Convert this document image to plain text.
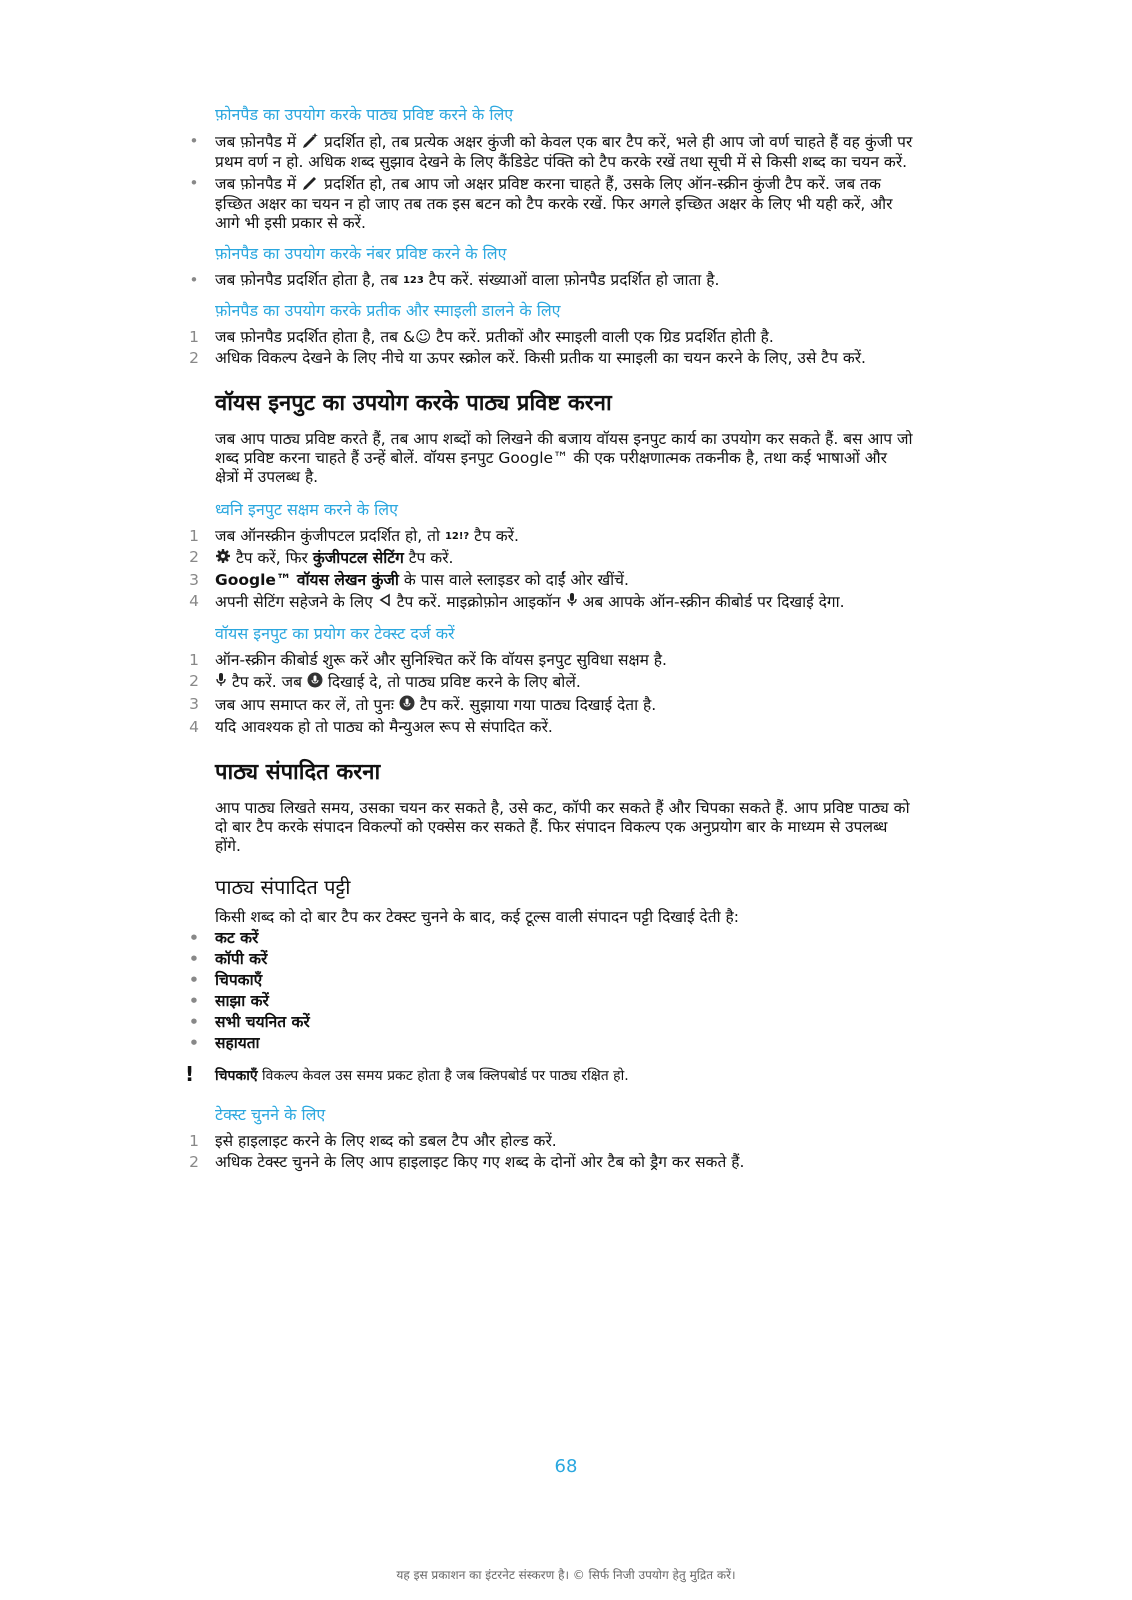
फ़ोनपैड का उपयोग करके पाठ्य प्रविष्ट करने के लिए
• जब फ़ोनपैड में प्रदर्शित हो, तब प्रत्येक अक्षर कुंजी को केवल एक बार टैप करें, भले ही आप जो वर्ण चाहते हैं वह कुंजी पर प्रथम वर्ण न हो. अधिक शब्द सुझाव देखने के लिए कैंडिडेट पंक्ति को टैप करके रखें तथा सूची में से किसी शब्द का चयन करें.
• जब फ़ोनपैड में प्रदर्शित हो, तब आप जो अक्षर प्रविष्ट करना चाहते हैं, उसके लिए ऑन-स्क्रीन कुंजी टैप करें. जब तक इच्छित अक्षर का चयन न हो जाए तब तक इस बटन को टैप करके रखें. फिर अगले इच्छित अक्षर के लिए भी यही करें, और आगे भी इसी प्रकार से करें.
फ़ोनपैड का उपयोग करके नंबर प्रविष्ट करने के लिए
• जब फ़ोनपैड प्रदर्शित होता है, तब 123 टैप करें. संख्याओं वाला फ़ोनपैड प्रदर्शित हो जाता है.
फ़ोनपैड का उपयोग करके प्रतीक और स्माइली डालने के लिए
1 जब फ़ोनपैड प्रदर्शित होता है, तब &☺ टैप करें. प्रतीकों और स्माइली वाली एक ग्रिड प्रदर्शित होती है.
2 अधिक विकल्प देखने के लिए नीचे या ऊपर स्क्रोल करें. किसी प्रतीक या स्माइली का चयन करने के लिए, उसे टैप करें.
वॉयस इनपुट का उपयोग करके पाठ्य प्रविष्ट करना

जब आप पाठ्य प्रविष्ट करते हैं, तब आप शब्दों को लिखने की बजाय वॉयस इनपुट कार्य का उपयोग कर सकते हैं. बस आप जो शब्द प्रविष्ट करना चाहते हैं उन्हें बोलें. वॉयस इनपुट Google™ की एक परीक्षणात्मक तकनीक है, तथा कई भाषाओं और क्षेत्रों में उपलब्ध है.

ध्वनि इनपुट सक्षम करने के लिए
1 जब ऑनस्क्रीन कुंजीपटल प्रदर्शित हो, तो 12!? टैप करें.
2 टैप करें, फिर कुंजीपटल सेटिंग टैप करें.
3 Google™ वॉयस लेखन कुंजी के पास वाले स्लाइडर को दाईं ओर खींचें.
4 अपनी सेटिंग सहेजने के लिए टैप करें. माइक्रोफ़ोन आइकॉन अब आपके ऑन-स्क्रीन कीबोर्ड पर दिखाई देगा.
वॉयस इनपुट का प्रयोग कर टेक्स्ट दर्ज करें
1 ऑन-स्क्रीन कीबोर्ड शुरू करें और सुनिश्चित करें कि वॉयस इनपुट सुविधा सक्षम है.
2 टैप करें. जब दिखाई दे, तो पाठ्य प्रविष्ट करने के लिए बोलें.
3 जब आप समाप्त कर लें, तो पुनः टैप करें. सुझाया गया पाठ्य दिखाई देता है.
4 यदि आवश्यक हो तो पाठ्य को मैन्युअल रूप से संपादित करें.
पाठ्य संपादित करना

आप पाठ्य लिखते समय, उसका चयन कर सकते है, उसे कट, कॉपी कर सकते हैं और चिपका सकते हैं. आप प्रविष्ट पाठ्य को दो बार टैप करके संपादन विकल्पों को एक्सेस कर सकते हैं. फिर संपादन विकल्प एक अनुप्रयोग बार के माध्यम से उपलब्ध होंगे.

पाठ्य संपादित पट्टी

किसी शब्द को दो बार टैप कर टेक्स्ट चुनने के बाद, कई टूल्स वाली संपादन पट्टी दिखाई देती है:

• कट करें
• कॉपी करें
• चिपकाएँ
• साझा करें
• सभी चयनित करें
• सहायता
! चिपकाएँ विकल्प केवल उस समय प्रकट होता है जब क्लिपबोर्ड पर पाठ्य रक्षित हो.
टेक्स्ट चुनने के लिए
1 इसे हाइलाइट करने के लिए शब्द को डबल टैप और होल्ड करें.
2 अधिक टेक्स्ट चुनने के लिए आप हाइलाइट किए गए शब्द के दोनों ओर टैब को ड्रैग कर सकते हैं.
68
यह इस प्रकाशन का इंटरनेट संस्करण है। © सिर्फ निजी उपयोग हेतु मुद्रित करें।
